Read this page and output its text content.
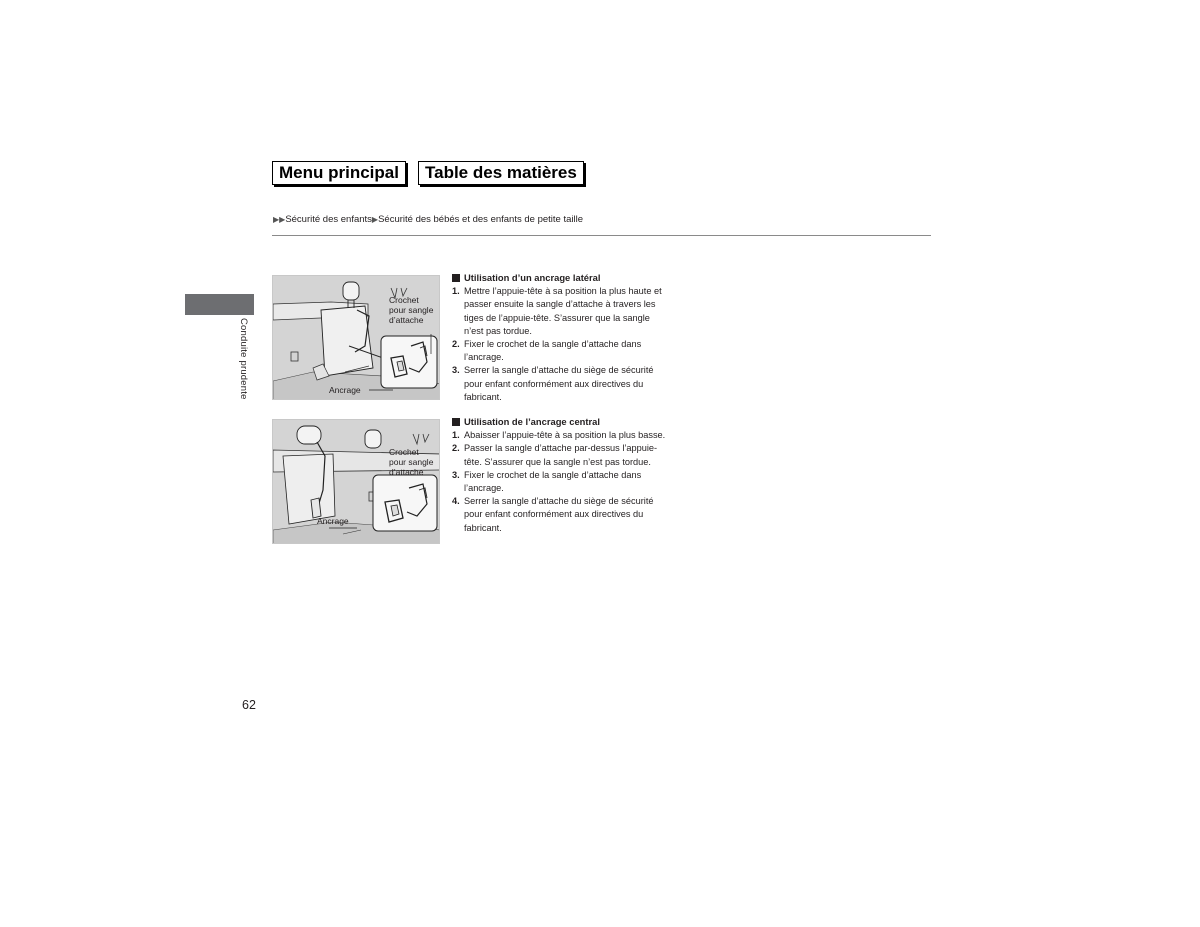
Menu principal	Table des matières
▶▶Sécurité des enfants▶Sécurité des bébés et des enfants de petite taille
Conduite prudente
Crochet
pour sangle
d’attache
Ancrage
Crochet
pour sangle
d’attache
Ancrage
Utilisation d’un ancrage latéral
1. Mettre l’appuie-tête à sa position la plus haute et
passer ensuite la sangle d’attache à travers les
tiges de l’appuie-tête. S’assurer que la sangle
n’est pas tordue.
2. Fixer le crochet de la sangle d’attache dans
l’ancrage.
3. Serrer la sangle d’attache du siège de sécurité
pour enfant conformément aux directives du
fabricant.
Utilisation de l’ancrage central
1. Abaisser l’appuie-tête à sa position la plus basse.
2. Passer la sangle d’attache par-dessus l’appuie-
tête. S’assurer que la sangle n’est pas tordue.
3. Fixer le crochet de la sangle d’attache dans
l’ancrage.
4. Serrer la sangle d’attache du siège de sécurité
pour enfant conformément aux directives du
fabricant.
62
